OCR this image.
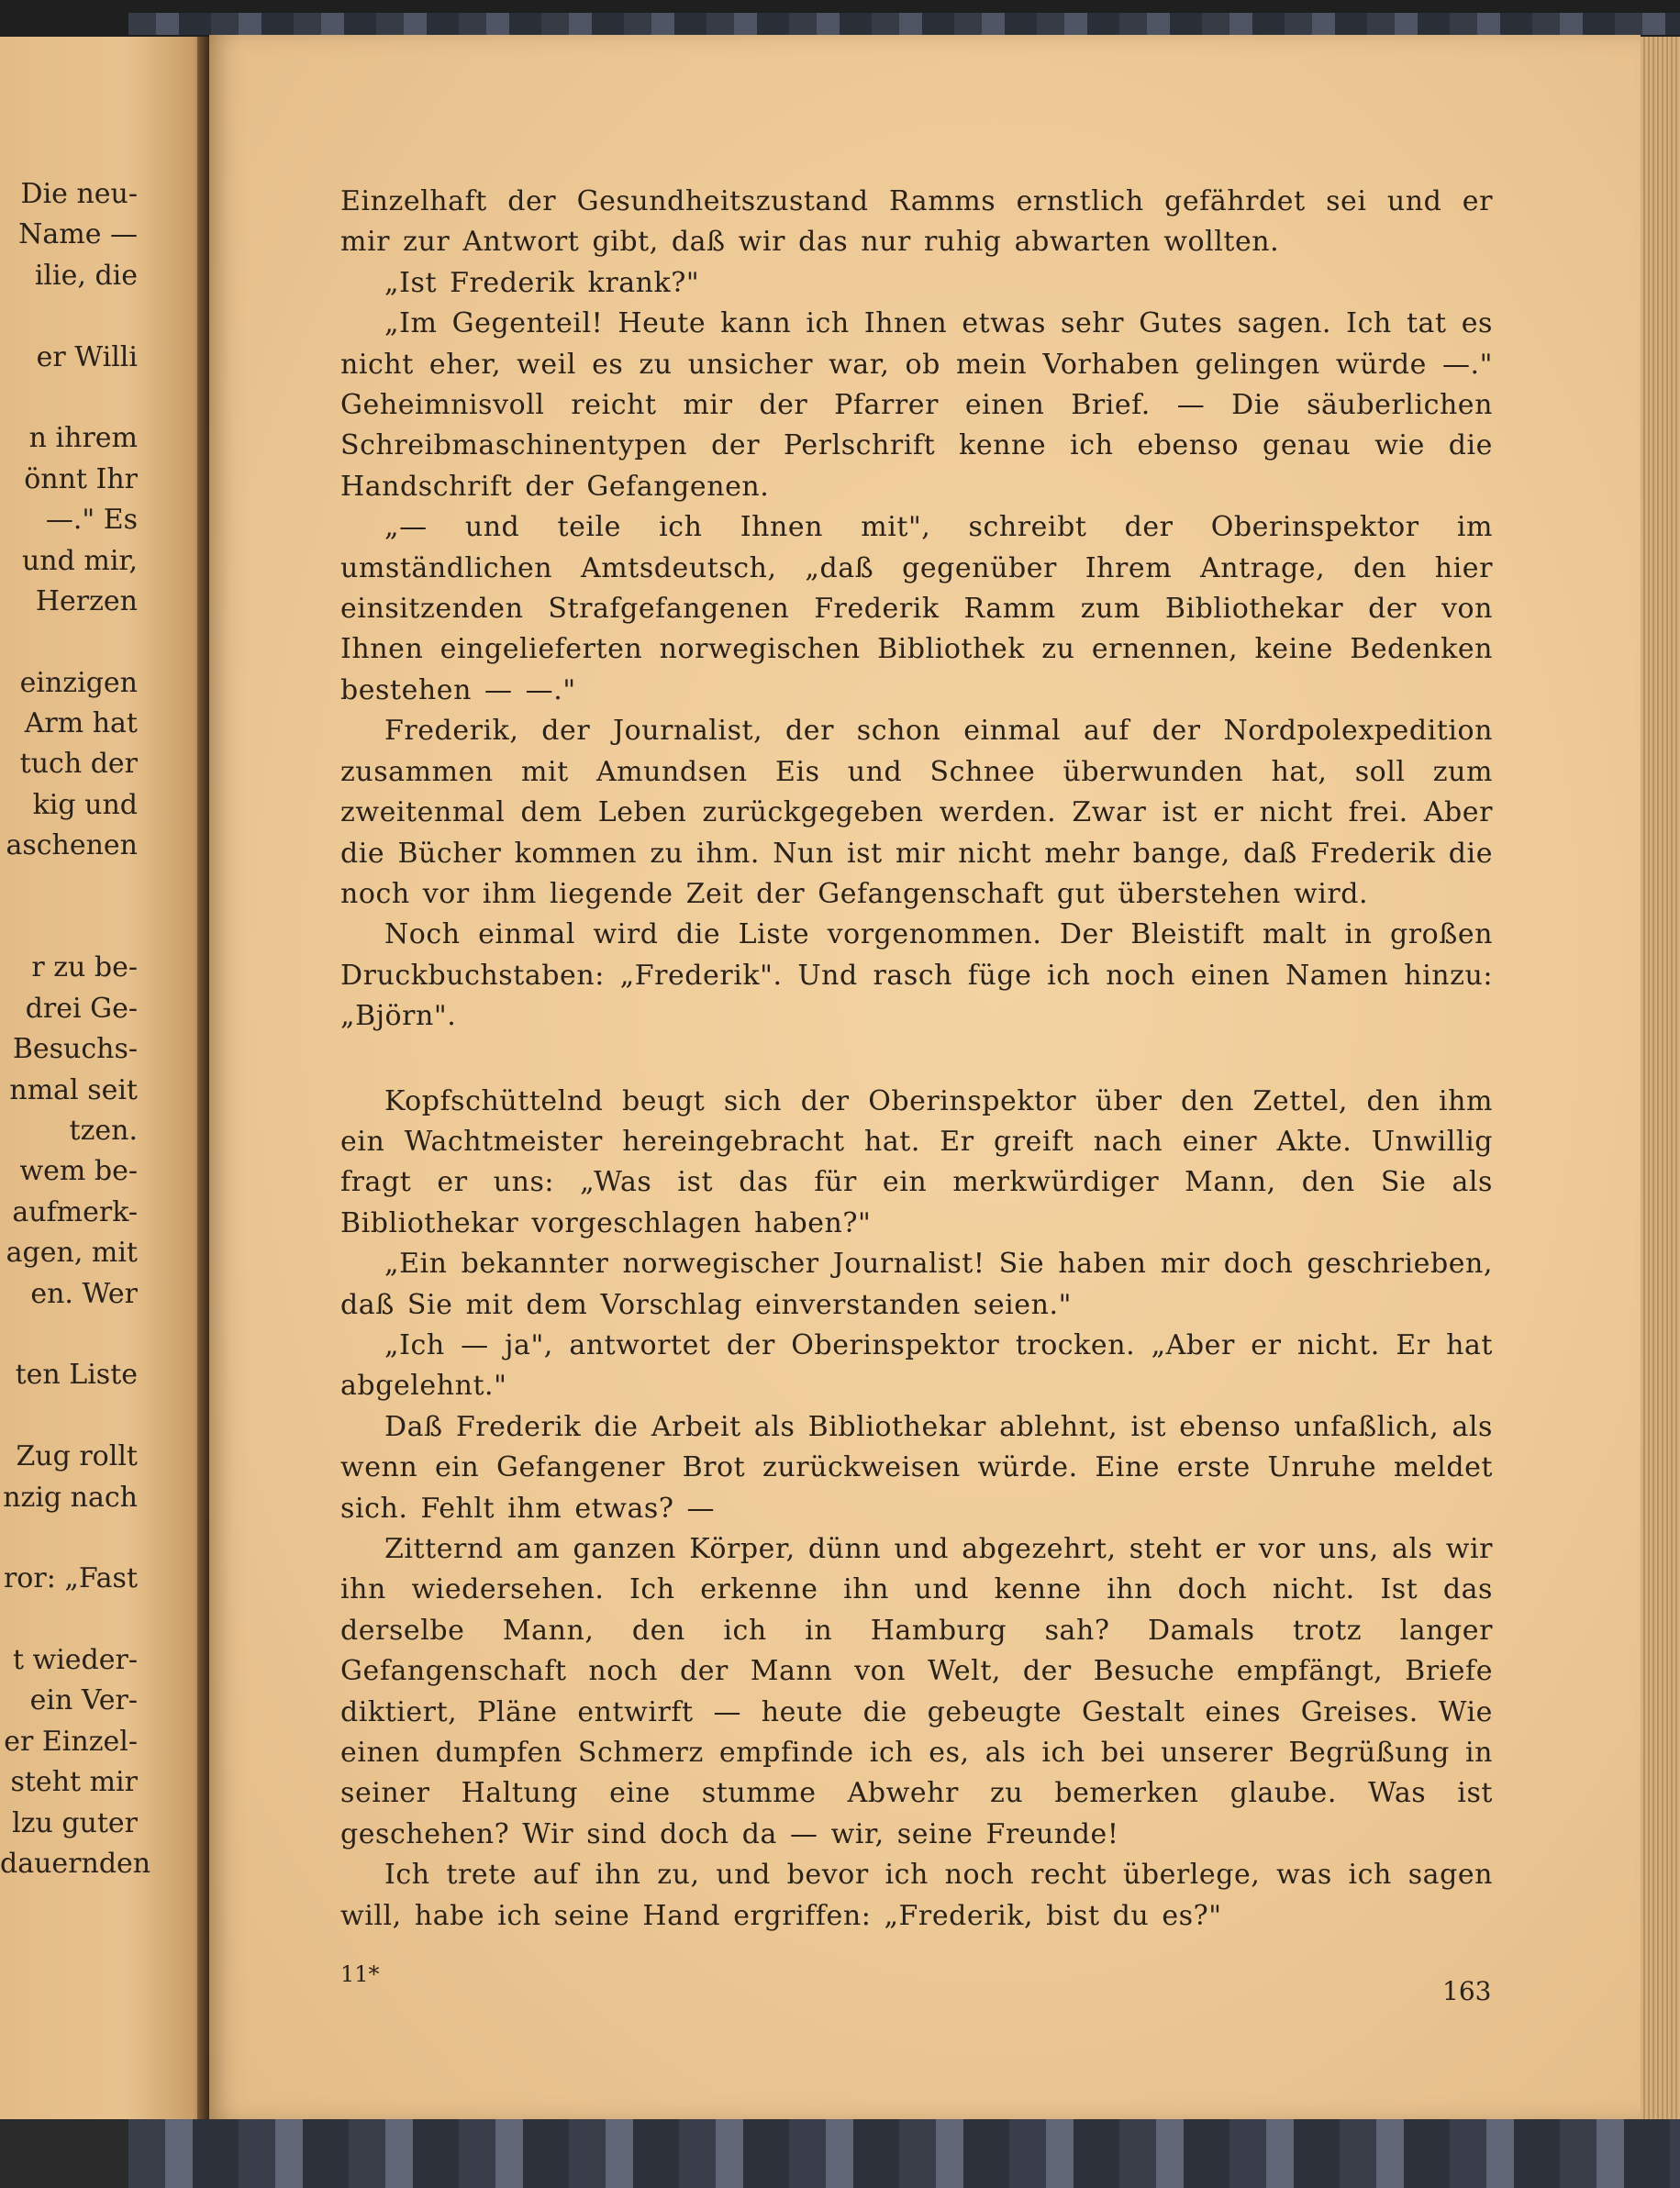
Die neu-
Name —
ilie, die

er Willi

n ihrem
önnt Ihr
—." Es
und mir,
Herzen

einzigen
Arm hat
tuch der
kig und
aschenen

r zu be-
drei Ge-
Besuchs-
nmal seit
tzen.
wem be-
aufmerk-
agen, mit
en. Wer

ten Liste

Zug rollt
nzig nach

ror: „Fast

t wieder-
ein Ver-
er Einzel-
steht mir
lzu guter
dauernden

Einzelhaft der Gesundheitszustand Ramms ernstlich gefährdet sei und er mir zur Antwort gibt, daß wir das nur ruhig abwarten wollten.

„Ist Frederik krank?"

„Im Gegenteil! Heute kann ich Ihnen etwas sehr Gutes sagen. Ich tat es nicht eher, weil es zu unsicher war, ob mein Vorhaben gelingen würde —." Geheimnisvoll reicht mir der Pfarrer einen Brief. — Die säuberlichen Schreibmaschinentypen der Perlschrift kenne ich ebenso genau wie die Handschrift der Gefangenen.

„— und teile ich Ihnen mit", schreibt der Oberinspektor im umständlichen Amtsdeutsch, „daß gegenüber Ihrem Antrage, den hier einsitzenden Strafgefangenen Frederik Ramm zum Bibliothekar der von Ihnen eingelieferten norwegischen Bibliothek zu ernennen, keine Bedenken bestehen — —."

Frederik, der Journalist, der schon einmal auf der Nordpolexpedition zusammen mit Amundsen Eis und Schnee überwunden hat, soll zum zweitenmal dem Leben zurückgegeben werden. Zwar ist er nicht frei. Aber die Bücher kommen zu ihm. Nun ist mir nicht mehr bange, daß Frederik die noch vor ihm liegende Zeit der Gefangenschaft gut überstehen wird.

Noch einmal wird die Liste vorgenommen. Der Bleistift malt in großen Druckbuchstaben: „Frederik". Und rasch füge ich noch einen Namen hinzu: „Björn".

Kopfschüttelnd beugt sich der Oberinspektor über den Zettel, den ihm ein Wachtmeister hereingebracht hat. Er greift nach einer Akte. Unwillig fragt er uns: „Was ist das für ein merkwürdiger Mann, den Sie als Bibliothekar vorgeschlagen haben?"

„Ein bekannter norwegischer Journalist! Sie haben mir doch geschrieben, daß Sie mit dem Vorschlag einverstanden seien."

„Ich — ja", antwortet der Oberinspektor trocken. „Aber er nicht. Er hat abgelehnt."

Daß Frederik die Arbeit als Bibliothekar ablehnt, ist ebenso unfaßlich, als wenn ein Gefangener Brot zurückweisen würde. Eine erste Unruhe meldet sich. Fehlt ihm etwas? —

Zitternd am ganzen Körper, dünn und abgezehrt, steht er vor uns, als wir ihn wiedersehen. Ich erkenne ihn und kenne ihn doch nicht. Ist das derselbe Mann, den ich in Hamburg sah? Damals trotz langer Gefangenschaft noch der Mann von Welt, der Besuche empfängt, Briefe diktiert, Pläne entwirft — heute die gebeugte Gestalt eines Greises. Wie einen dumpfen Schmerz empfinde ich es, als ich bei unserer Begrüßung in seiner Haltung eine stumme Abwehr zu bemerken glaube. Was ist geschehen? Wir sind doch da — wir, seine Freunde!

Ich trete auf ihn zu, und bevor ich noch recht überlege, was ich sagen will, habe ich seine Hand ergriffen: „Frederik, bist du es?"

11*
163
